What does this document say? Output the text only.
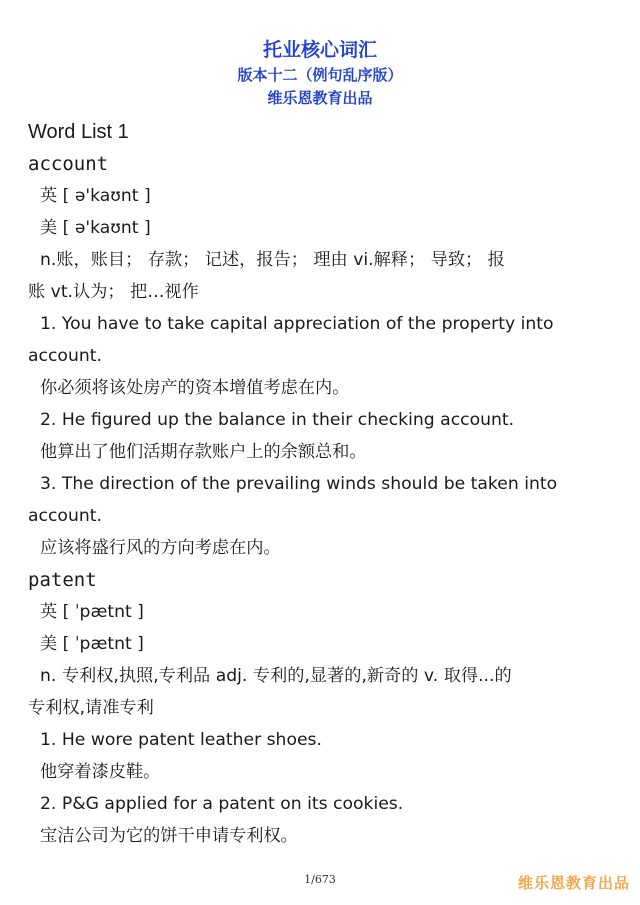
托业核心词汇
版本十二（例句乱序版）
维乐恩教育出品
Word List 1
account
英 [ ə'kaʊnt ]
美 [ ə'kaʊnt ]
n.账，账目； 存款； 记述，报告； 理由 vi.解释； 导致； 报
账 vt.认为； 把…视作
1. You have to take capital appreciation of the property into
account.
你必须将该处房产的资本增值考虑在内。
2. He figured up the balance in their checking account.
他算出了他们活期存款账户上的余额总和。
3. The direction of the prevailing winds should be taken into
account.
应该将盛行风的方向考虑在内。
patent
英 [ ˈpætnt ]
美 [ ˈpætnt ]
n. 专利权,执照,专利品 adj. 专利的,显著的,新奇的 v. 取得...的
专利权,请准专利
1. He wore patent leather shoes.
他穿着漆皮鞋。
2. P&G applied for a patent on its cookies.
宝洁公司为它的饼干申请专利权。
1/673	维乐恩教育出品
